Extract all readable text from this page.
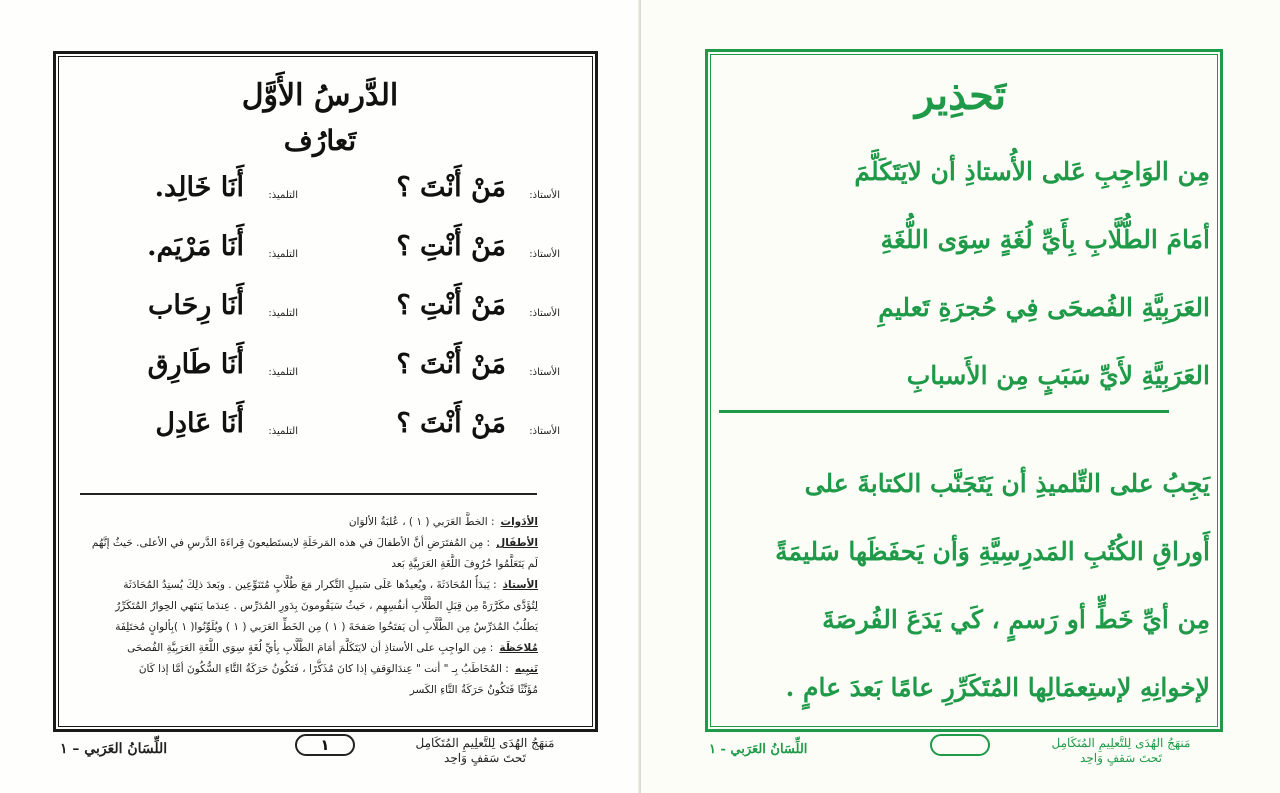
الدَّرسُ الأَوَّل
تَعارُف
الأستاذ:
مَنْ أَنْتَ ؟
التلميذ:
أَنَا خَالِد.
الأستاذ:
مَنْ أَنْتِ ؟
التلميذ:
أَنَا مَرْيَم.
الأستاذ:
مَنْ أَنْتِ ؟
التلميذ:
أَنَا رِحَاب
الأستاذ:
مَنْ أَنْتَ ؟
التلميذ:
أَنَا طَارِق
الأستاذ:
مَنْ أَنْتَ ؟
التلميذ:
أَنَا عَادِل
الأدَوات: الخطُّ العَرَبي ( ١ ) ، عُلبَةُ الألوَان
الأطفَال: مِن المُفتَرَضِ أنَّ الأطفالَ في هذه المَرحَلَةِ لايستَطيعونَ قِراءَةَ الدَّرسِ في الأعلى. حَيثُ إنَّهُم
لَم يَتَعَلَّمُوا حُرُوفَ اللُّغَةِ العَرَبِيَّةِ بَعد
الأستاذ: يَبدَأُ المُحَادَثَةَ ، ويُعيدُها عَلَى سَبيلِ التَّكرار مَعَ طُلَّابٍ مُتَنَوِّعِين . وبَعدَ ذلِكَ يُسنِدُ المُحَادَثَة
لِتُؤَدَّى مكَرَّرَةً مِن قِبَلِ الطُّلَّابِ أنفُسِهِم ، حَيثُ سَيَقُومونَ بِدَورِ المُدَرِّس . عِندَما يَنتَهي الحِوارُ المُتَكَرِّرُ
يَطلُبُ المُدَرِّسُ مِن الطُّلَّابِ أن يَفتَحُوا صَفحَةَ ( ١ ) مِن الخَطِّ العَرَبي ( ١ ) ويُلَوِّنُوا( ١ )بِألوانٍ مُختَلِفَة
مُلاحَظَة: مِن الواجِبِ على الأستاذِ أن لايَتَكَلَّمَ أمَامَ الطُّلَّابِ بِأيِّ لُغَةٍ سِوَى اللُّغَةِ العَرَبِيَّةِ الفُصحَى
تَنبِيه: المُخَاطَبُ بِـ " أنت " عِندَالوَقفِ إذا كانَ مُذَكَّرًا ، فَتَكُونُ حَرَكَةُ التَّاءِ السُّكُونَ أمَّا إذا كَانَ
مُؤَنَّثًا فَتَكُونُ حَرَكَةُ التَّاءِ الكَسر
مَنهَجُ الهُدَى لِلتَّعلِيمِ المُتَكَامِل
تَحتَ سَقفٍ وَاحِد
١
اللِّسَانُ العَرَبي – ١
تَحذِير
مِن الوَاجِبِ عَلى الأُستاذِ أن لايَتَكَلَّمَ
أمَامَ الطُّلَّابِ بِأَيِّ لُغَةٍ سِوَى اللُّغَةِ
العَرَبِيَّةِ الفُصحَى فِي حُجرَةِ تَعليمِ
العَرَبِيَّةِ لأَيِّ سَبَبٍ مِن الأَسبابِ
يَجِبُ على التِّلميذِ أن يَتَجَنَّب الكتابةَ على
أَوراقِ الكُتُبِ المَدرِسِيَّةِ وَأن يَحفَظَها سَليمَةً
مِن أيِّ خَطٍّ أو رَسمٍ ، كَي يَدَعَ الفُرصَةَ
لإخوانِهِ لإستِعمَالِها المُتَكَرِّرِ عامًا بَعدَ عامٍ .
مَنهَجُ الهُدَى لِلتَّعلِيمِ المُتَكَامِل
تَحتَ سَقفٍ وَاحِد
اللِّسَانُ العَرَبي - ١
